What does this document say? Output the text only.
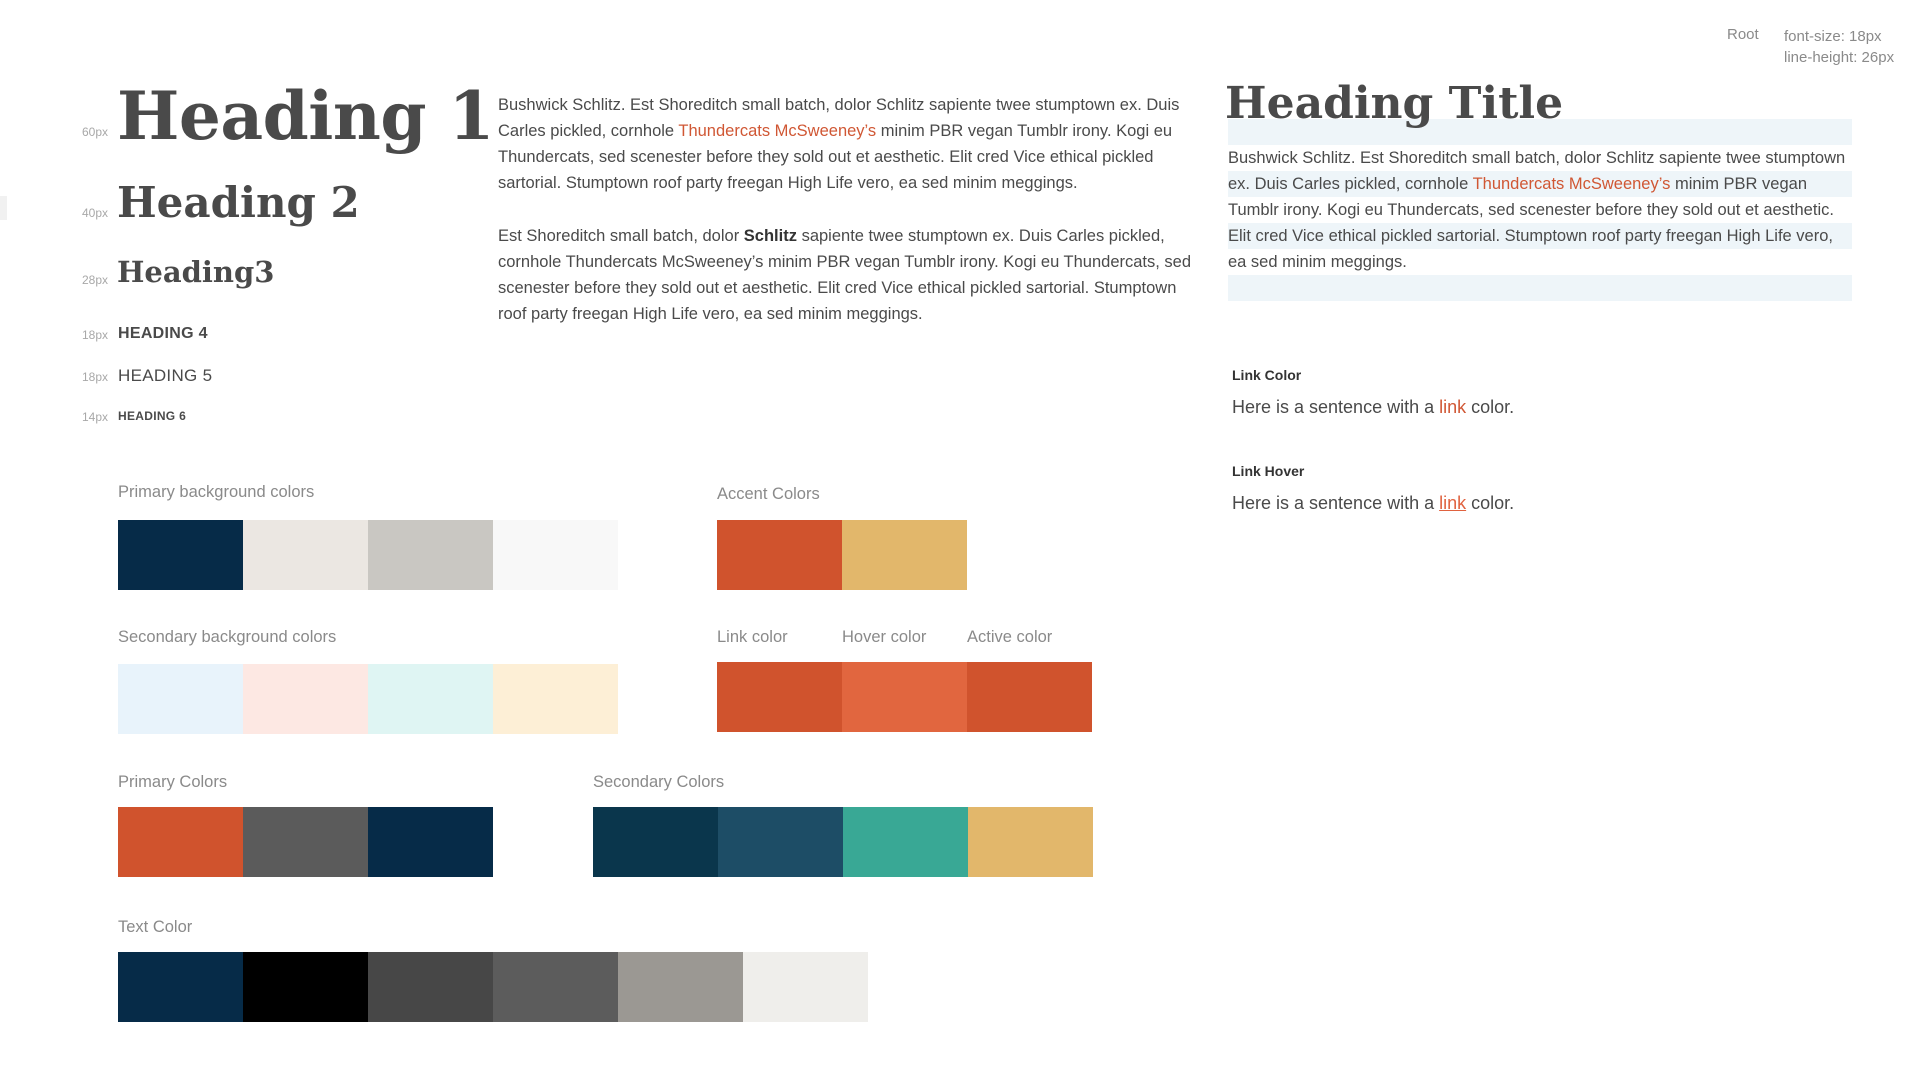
Root font-size: 18px
line-height: 26px
60px Heading 1
40px Heading 2
28px Heading3
18px HEADING 4
18px HEADING 5
14px HEADING 6

Bushwick Schlitz. Est Shoreditch small batch, dolor Schlitz sapiente twee stumptown ex. Duis Carles pickled, cornhole Thundercats McSweeney’s minim PBR vegan Tumblr irony. Kogi eu Thundercats, sed scenester before they sold out et aesthetic. Elit cred Vice ethical pickled sartorial. Stumptown roof party freegan High Life vero, ea sed minim meggings.

Est Shoreditch small batch, dolor Schlitz sapiente twee stumptown ex. Duis Carles pickled, cornhole Thundercats McSweeney’s minim PBR vegan Tumblr irony. Kogi eu Thundercats, sed scenester before they sold out et aesthetic. Elit cred Vice ethical pickled sartorial. Stumptown roof party freegan High Life vero, ea sed minim meggings.

Heading Title

Bushwick Schlitz. Est Shoreditch small batch, dolor Schlitz sapiente twee stumptown ex. Duis Carles pickled, cornhole Thundercats McSweeney’s minim PBR vegan Tumblr irony. Kogi eu Thundercats, sed scenester before they sold out et aesthetic. Elit cred Vice ethical pickled sartorial. Stumptown roof party freegan High Life vero, ea sed minim meggings.

Link Color
Here is a sentence with a link color.
Link Hover
Here is a sentence with a link color.
Primary background colors	Accent Colors
Secondary background colors	Link color	Hover color Active color
Primary Colors	Secondary Colors
Text Color
